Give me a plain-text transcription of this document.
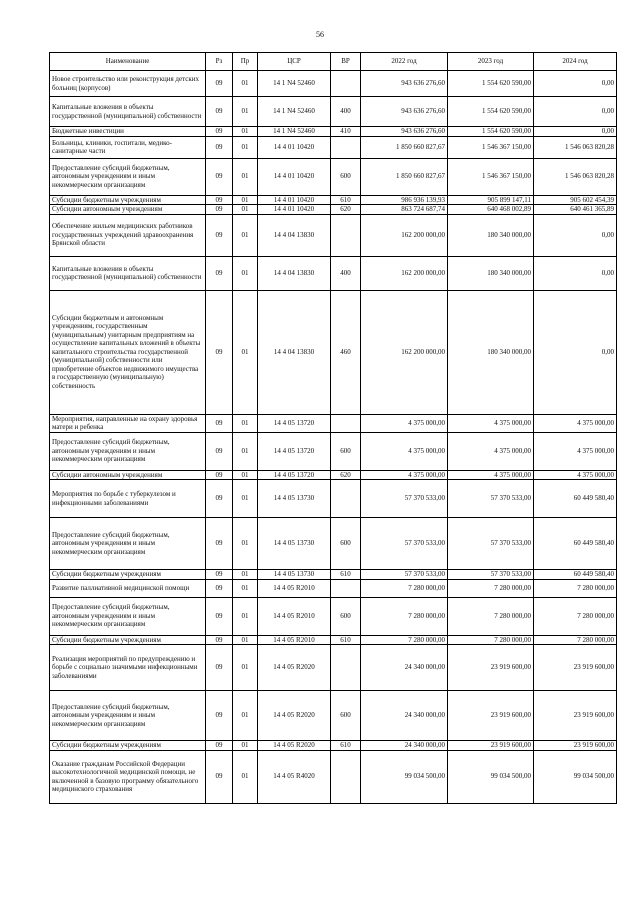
56
Наименование	Рз	Пр	ЦСР	ВР	2022 год	2023 год	2024 год
Новое строительство или реконструкция детских больниц (корпусов)	09	01	14 1 N4 52460		943 636 276,60	1 554 620 590,00	0,00
Капитальные вложения в объекты государственной (муниципальной) собственности	09	01	14 1 N4 52460	400	943 636 276,60	1 554 620 590,00	0,00
Бюджетные инвестиции	09	01	14 1 N4 52460	410	943 636 276,60	1 554 620 590,00	0,00
Больницы, клиники, госпитали, медико-санитарные части	09	01	14 4 01 10420		1 850 660 827,67	1 546 367 150,00	1 546 063 820,28
Предоставление субсидий бюджетным, автономным учреждениям и иным некоммерческим организациям	09	01	14 4 01 10420	600	1 850 660 827,67	1 546 367 150,00	1 546 063 820,28
Субсидии бюджетным учреждениям	09	01	14 4 01 10420	610	986 936 139,93	905 899 147,11	905 602 454,39
Субсидии автономным учреждениям	09	01	14 4 01 10420	620	863 724 687,74	640 468 002,89	640 461 365,89
Обеспечение жильем медицинских работников государственных учреждений здравоохранения Брянской области	09	01	14 4 04 13830		162 200 000,00	180 340 000,00	0,00
Капитальные вложения в объекты государственной (муниципальной) собственности	09	01	14 4 04 13830	400	162 200 000,00	180 340 000,00	0,00
Субсидии бюджетным и автономным учреждениям, государственным (муниципальным) унитарным предприятиям на осуществление капитальных вложений в объекты капитального строительства государственной (муниципальной) собственности или приобретение объектов недвижимого имущества в государственную (муниципальную) собственность	09	01	14 4 04 13830	460	162 200 000,00	180 340 000,00	0,00
Мероприятия, направленные на охрану здоровья матери и ребенка	09	01	14 4 05 13720		4 375 000,00	4 375 000,00	4 375 000,00
Предоставление субсидий бюджетным, автономным учреждениям и иным некоммерческим организациям	09	01	14 4 05 13720	600	4 375 000,00	4 375 000,00	4 375 000,00
Субсидии автономным учреждениям	09	01	14 4 05 13720	620	4 375 000,00	4 375 000,00	4 375 000,00
Мероприятия по борьбе с туберкулезом и инфекционными заболеваниями	09	01	14 4 05 13730		57 370 533,00	57 370 533,00	60 449 580,40
Предоставление субсидий бюджетным, автономным учреждениям и иным некоммерческим организациям	09	01	14 4 05 13730	600	57 370 533,00	57 370 533,00	60 449 580,40
Субсидии бюджетным учреждениям	09	01	14 4 05 13730	610	57 370 533,00	57 370 533,00	60 449 580,40
Развитие паллиативной медицинской помощи	09	01	14 4 05 R2010		7 280 000,00	7 280 000,00	7 280 000,00
Предоставление субсидий бюджетным, автономным учреждениям и иным некоммерческим организациям	09	01	14 4 05 R2010	600	7 280 000,00	7 280 000,00	7 280 000,00
Субсидии бюджетным учреждениям	09	01	14 4 05 R2010	610	7 280 000,00	7 280 000,00	7 280 000,00
Реализация мероприятий по предупреждению и борьбе с социально значимыми инфекционными заболеваниями	09	01	14 4 05 R2020		24 340 000,00	23 919 600,00	23 919 600,00
Предоставление субсидий бюджетным, автономным учреждениям и иным некоммерческим организациям	09	01	14 4 05 R2020	600	24 340 000,00	23 919 600,00	23 919 600,00
Субсидии бюджетным учреждениям	09	01	14 4 05 R2020	610	24 340 000,00	23 919 600,00	23 919 600,00
Оказание гражданам Российской Федерации высокотехнологичной медицинской помощи, не включенной в базовую программу обязательного медицинского страхования	09	01	14 4 05 R4020		99 034 500,00	99 034 500,00	99 034 500,00
